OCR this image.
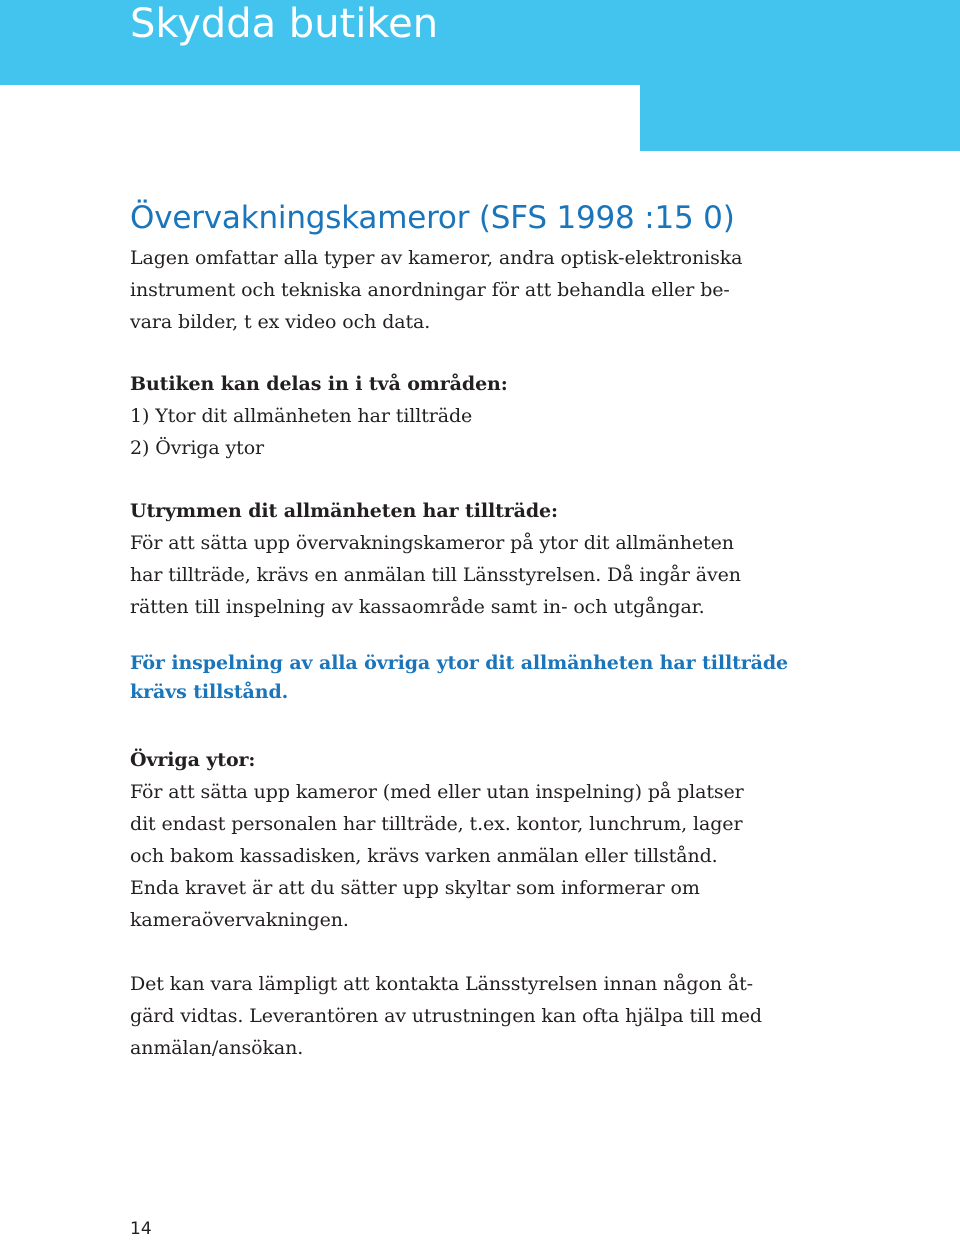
Skydda butiken
Övervakningskameror (SFS 1998 :15 0)

Lagen omfattar alla typer av kameror, andra optisk-elektroniska
instrument och tekniska anordningar för att behandla eller be-
vara bilder, t ex video och data.

Butiken kan delas in i två områden:
1) Ytor dit allmänheten har tillträde
2) Övriga ytor
Utrymmen dit allmänheten har tillträde:
För att sätta upp övervakningskameror på ytor dit allmänheten
har tillträde, krävs en anmälan till Länsstyrelsen. Då ingår även
rätten till inspelning av kassaområde samt in- och utgångar.
För inspelning av alla övriga ytor dit allmänheten har tillträde
krävs tillstånd.
Övriga ytor:
För att sätta upp kameror (med eller utan inspelning) på platser
dit endast personalen har tillträde, t.ex. kontor, lunchrum, lager
och bakom kassadisken, krävs varken anmälan eller tillstånd.
Enda kravet är att du sätter upp skyltar som informerar om
kameraövervakningen.
Det kan vara lämpligt att kontakta Länsstyrelsen innan någon åt-
gärd vidtas. Leverantören av utrustningen kan ofta hjälpa till med
anmälan/ansökan.
14
